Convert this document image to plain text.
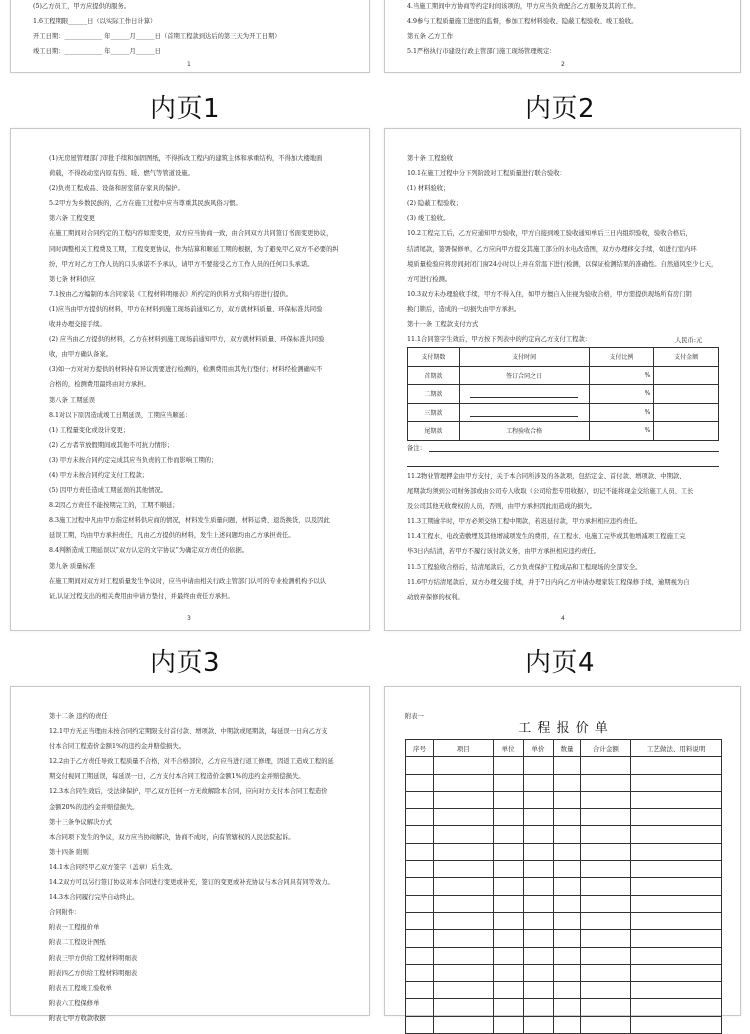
(5)乙方员工，甲方应提供的服务。

1.6工程期限______日（以实际工作日计算）

开工日期：____________ 年______月______日（首期工程款到达后的第三天为开工日期）

竣工日期：____________ 年______月______日

1

4.当施工期间中方协商等约定时间该项的，甲方应当负责配合乙方服务及其的工作。

4.9参与工程质量施工进度的监督，参加工程材料验收、隐蔽工程验收、竣工验收。

第五条 乙方工作

5.1严格执行市建设行政主管部门施工现场管理规定：

2
内页1	内页2

(1)无房屋管理部门审批手续和加固图纸，不得拆改工程内的建筑主体和承重结构，不得加大楼地面

荷载，不得改动室内原有热、暖、燃气等管道设施。

(2)负责工程成品、设备和居室留存家具的保护。

5.2甲方为乡数民族的，乙方在施工过程中应当尊重其民族风俗习惯。

第六条 工程变更

在施工期间对合同约定的工程内容如需变更，双方应当协商一致，由合同双方共同签订书面变更协议，

同时调整相关工程费及工期，工程变更协议，作为结算和顺延工期的根据，为了避免甲乙双方不必要的纠

纷，甲方对乙方工作人员的口头承诺不予承认，请甲方不要接受乙方工作人员的任何口头承诺。

第七条 材料供应

7.1按由乙方编制的本合同家装《工程材料明细表》所约定的供料方式和内容进行提供。

(1)应当由甲方提供的材料，甲方在材料到施工现场前通知乙方，双方就材料质量、环保标准共同验

收并办理交接手续。

(2) 应当由乙方提供的材料，乙方在材料到施工现场前通知甲方，双方就材料质量、环保标准共同验

收，由甲方确认备案。

(3)如一方对对方提供的材料持有异议需要进行检测的，检测费用由其先行垫付；材料经检测确实不

合格的，检测费用最终由对方承担。

第八条 工期延误

8.1对以下原因造成竣工日期延误，工期应当顺延：

(1) 工程量变化或设计变更；

(2) 乙方者节放假期间或其他不可抗力情形；

(3) 甲方未按合同约定完成其应当负责的工作而影响工期的；

(4) 甲方未按合同约定支付工程款；

(5) 因甲方责任造成工期延误的其他情况。

8.2因乙方责任不能按期完工的，工期不顺延；

8.3施工过程中凡由甲方指定材料供应商的情况，材料发生质量问题，材料运费、退货换货，以及因此

延误工期，均由甲方承担责任，凡由乙方提供的材料，发生上述问题均由乙方承担责任。

8.4判断造成工期延误以“双方认定的文字协议”为确定双方责任的依据。

第九条 质量标准

在施工期间对双方对工程质量发生争议时，应当申请由相关行政主管部门认可的专业检测机构予以认

证,认证过程支出的相关费用由申请方垫付，并最终由责任方承担。

3

第十条 工程验收

10.1在施工过程中分下列阶段对工程质量进行联合验收：

(1) 材料验收；

(2) 隐蔽工程验收；

(3) 竣工验收。

10.2工程完工后，乙方应通知甲方验收，甲方自接到竣工验收通知单后三日内组织验收，验收合格后，

结清尾款，签署保修单，乙方应向甲方提交其施工部分的水电改造图，双方办理移交手续，如进行室内环

境质量检验应将房间封闭门窗24小时以上并在常温下进行检测，以保证检测结果的准确性。自然通风至少七天，

方可进行检测。

10.3双方未办理验收手续，甲方不得入住，如甲方擅自入住视为验收合格，甲方需提供现场所有房门钥

换门锁后，造成的一切损失由甲方承担。

第十一条 工程款支付方式

11.1合同签字生效后，甲方按下列表中的约定向乙方支付工程款：	人民币:元
支付期数	支付时间	支付比例	支付金额
首期款	签订合同之日	%	
二期款		%	
三期款		%	
尾期款	工程验收合格	%	
备注：

11.2物业管理押金由甲方支付，关于本合同所涉及的各款项，包括定金、首付款、增项款、中期款、

尾期款均须到公司财务部或由公司专人收取（公司给您专用收据），切记不能将现金交给施工人员、工长

及公司其他无收费权的人员，否则，由甲方承担因此而造成的损失。

11.3工期逾半时，甲方必须交纳工程中期款，若迟延付款，甲方承担相应违约责任。

11.4工程水、电改造敷埋及其他增减项发生的费用，在工程水、电施工完毕或其他增减项工程施工完

毕3日内结清，若甲方不履行该付款义务，由甲方承担相应违约责任。

11.5工程验收合格后，结清尾款后，乙方负责保护工程成品和工程现场的全部安全。

11.6甲方结清尾款后，双方办理交接手续，并于7日内向乙方申请办理家装工程保修手续，逾期视为自

动放弃保修的权利。

4
内页3	内页4

第十二条 违约的责任

12.1甲方无正当理由未按合同约定期限支付首付款、增项款、中期款或尾期款，每延误一日向乙方支

付本合同工程造价金额1%的违约金并赔偿损失。

12.2由于乙方责任导致工程质量不合格，对不合格部位，乙方应当进行返工修理，因返工造成工程的延

期交付视同工期延误，每延误一日，乙方支付本合同工程造价金额1%的违约金并赔偿损失。

12.3本合同生效后，受法律保护，甲乙双方任何一方无故解除本合同，应向对方支付本合同工程造价

金额20%的违约金并赔偿损失。

第十三条争议解决方式

本合同项下发生的争议，双方应当协商解决，协商不成时，向有管辖权的人民法院起诉。

第十四条 附则

14.1本合同经甲乙双方签字（盖章）后生效。

14.2双方可以另行签订协议对本合同进行变更或补充，签订的变更或补充协议与本合同具有同等效力。

14.3本合同履行完毕自动终止。

合同附件：

附表一工程报价单

附表二工程设计图纸

附表三甲方供给工程材料明细表

附表四乙方供给工程材料明细表

附表五工程竣工验收单

附表六工程保修单

附表七甲方收款收据

附表一
工 程 报 价 单
序号	项目	单位	单价	数量	合计金额	工艺做法、用料说明
